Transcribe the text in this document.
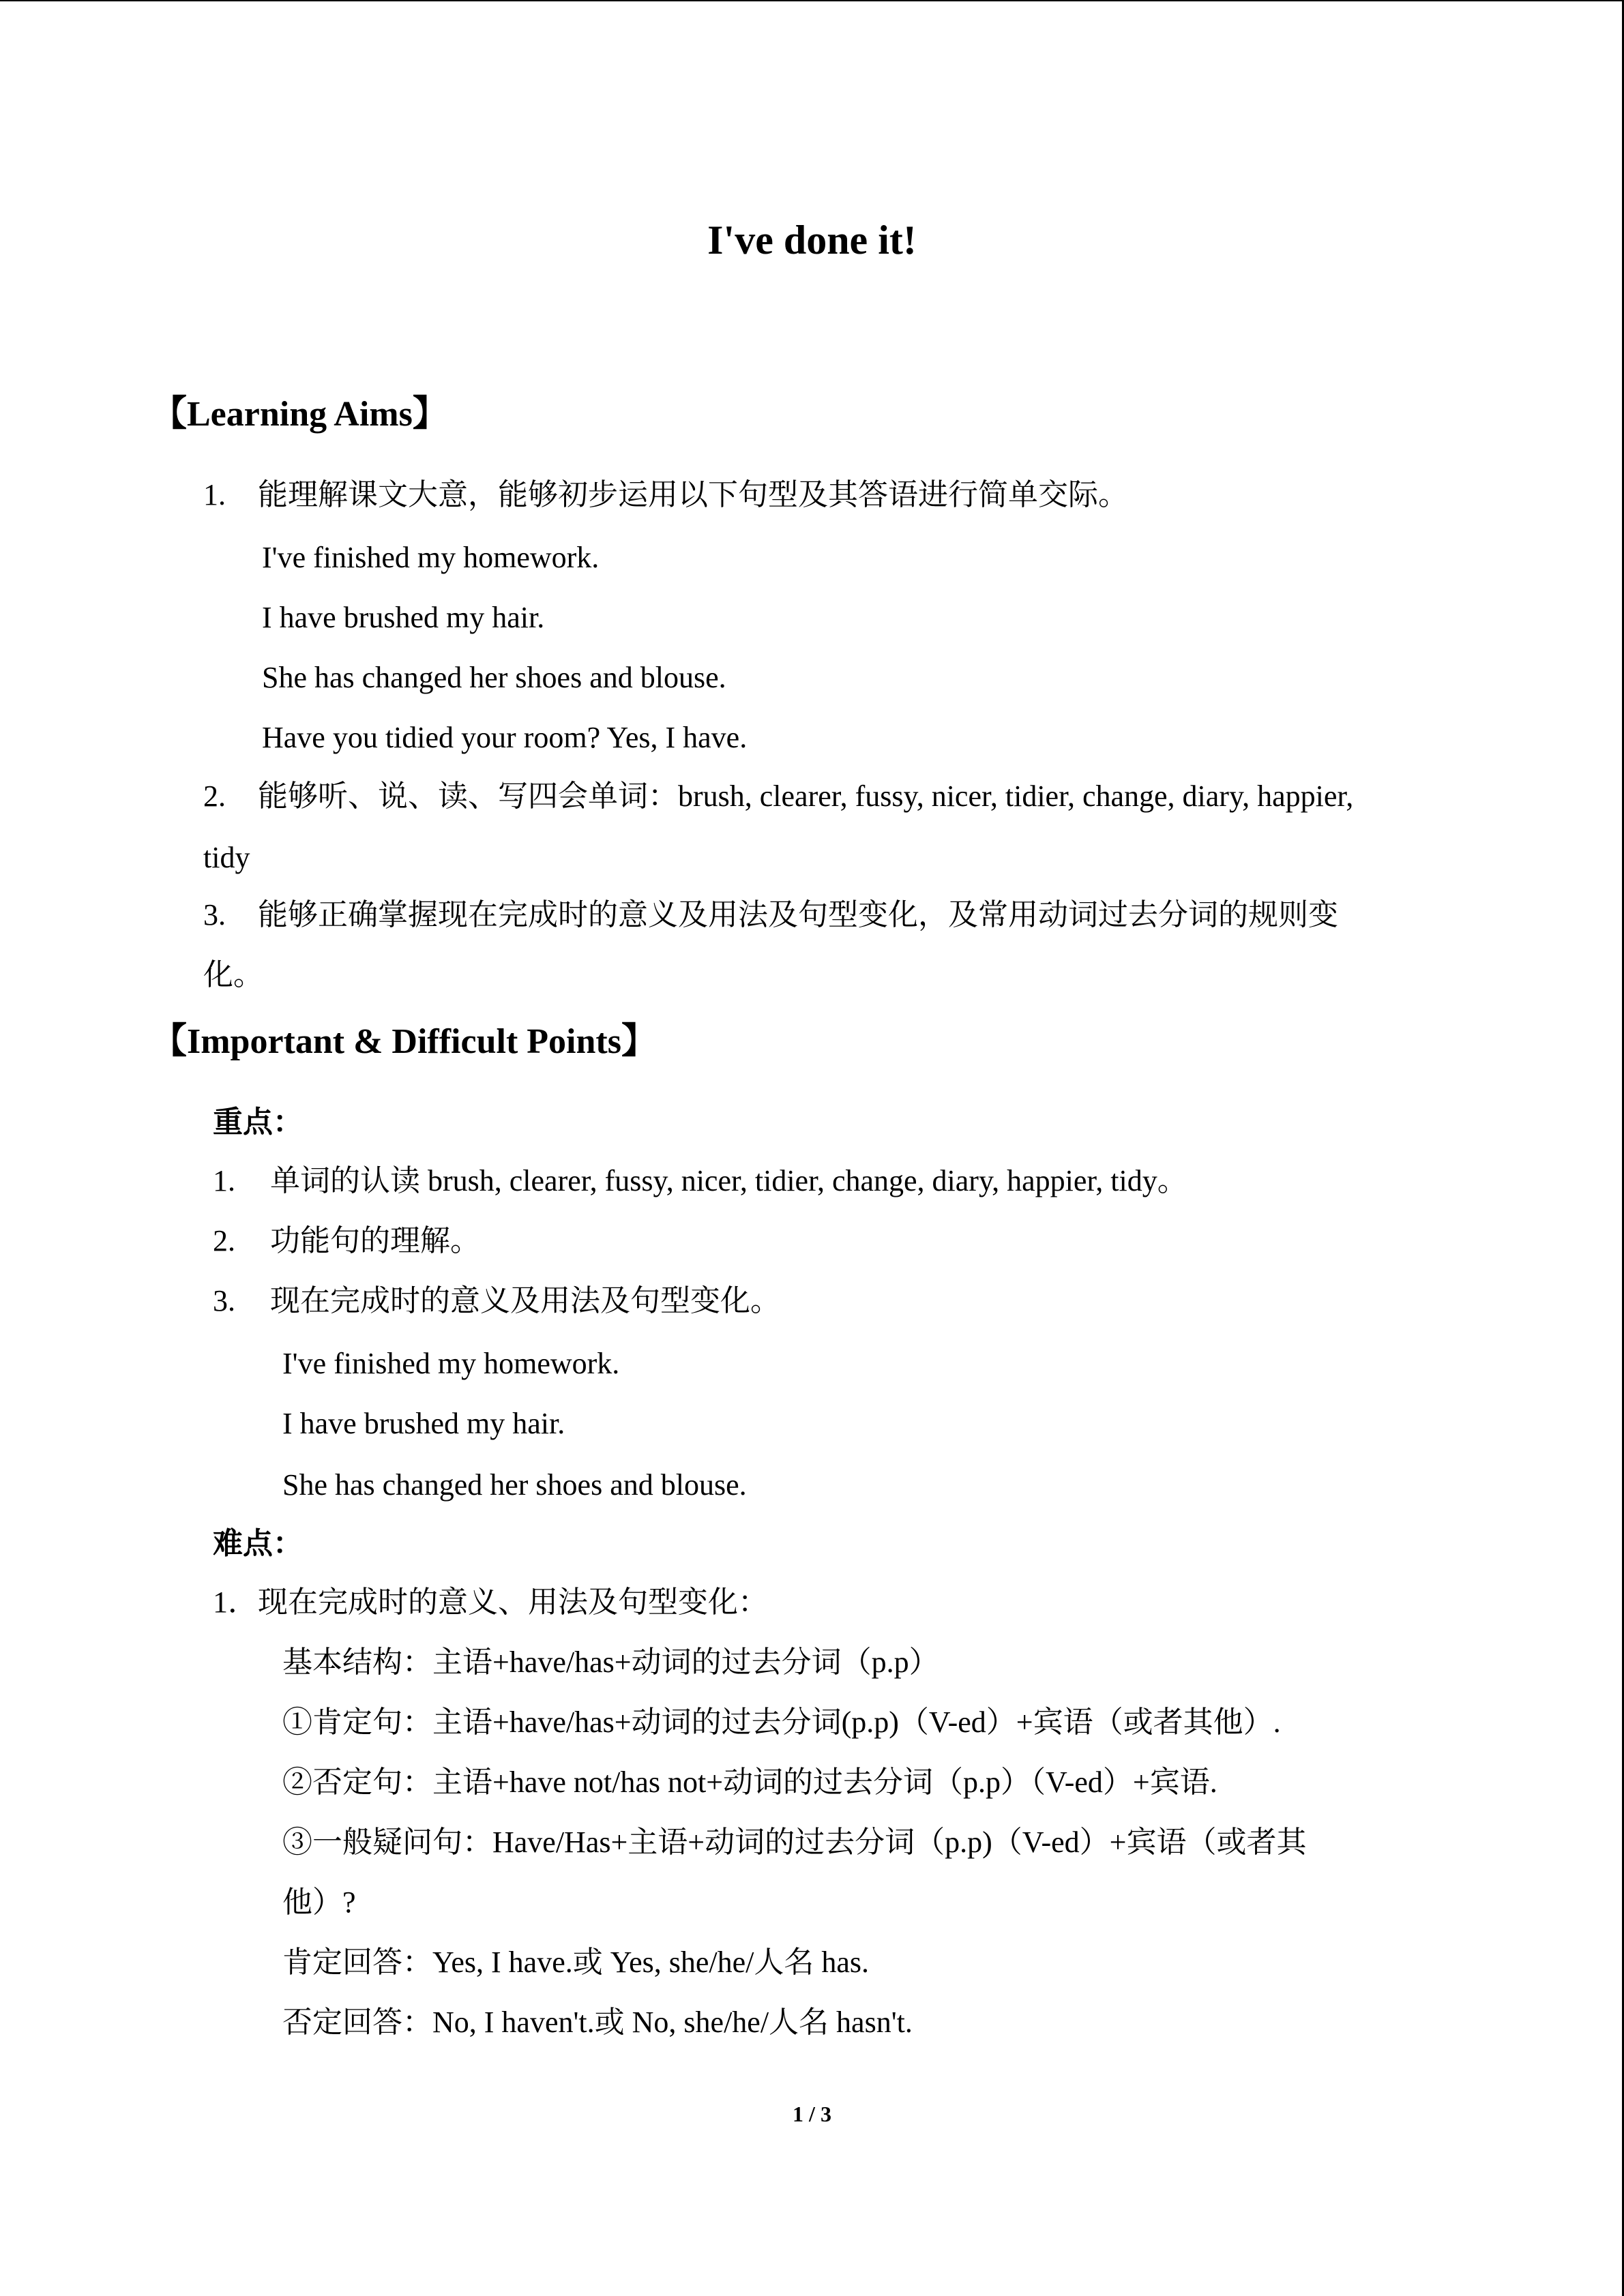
I've done it!
【Learning Aims】
1. 能理解课文大意，能够初步运用以下句型及其答语进行简单交际。
I've finished my homework.
I have brushed my hair.
She has changed her shoes and blouse.
Have you tidied your room? Yes, I have.
2. 能够听、说、读、写四会单词：brush, clearer, fussy, nicer, tidier, change, diary, happier,
tidy
3. 能够正确掌握现在完成时的意义及用法及句型变化，及常用动词过去分词的规则变
化。
【Important & Difficult Points】
重点：
1. 单词的认读 brush, clearer, fussy, nicer, tidier, change, diary, happier, tidy。
2. 功能句的理解。
3. 现在完成时的意义及用法及句型变化。
I've finished my homework.
I have brushed my hair.
She has changed her shoes and blouse.
难点：
1．现在完成时的意义、用法及句型变化：
基本结构：主语+have/has+动词的过去分词（p.p）
①肯定句：主语+have/has+动词的过去分词(p.p)（V-ed）+宾语（或者其他）.
②否定句：主语+have not/has not+动词的过去分词（p.p）（V-ed）+宾语.
③一般疑问句：Have/Has+主语+动词的过去分词（p.p)（V-ed）+宾语（或者其
他）?
肯定回答：Yes, I have.或 Yes, she/he/人名 has.
否定回答：No, I haven't.或 No, she/he/人名 hasn't.
1 / 3
